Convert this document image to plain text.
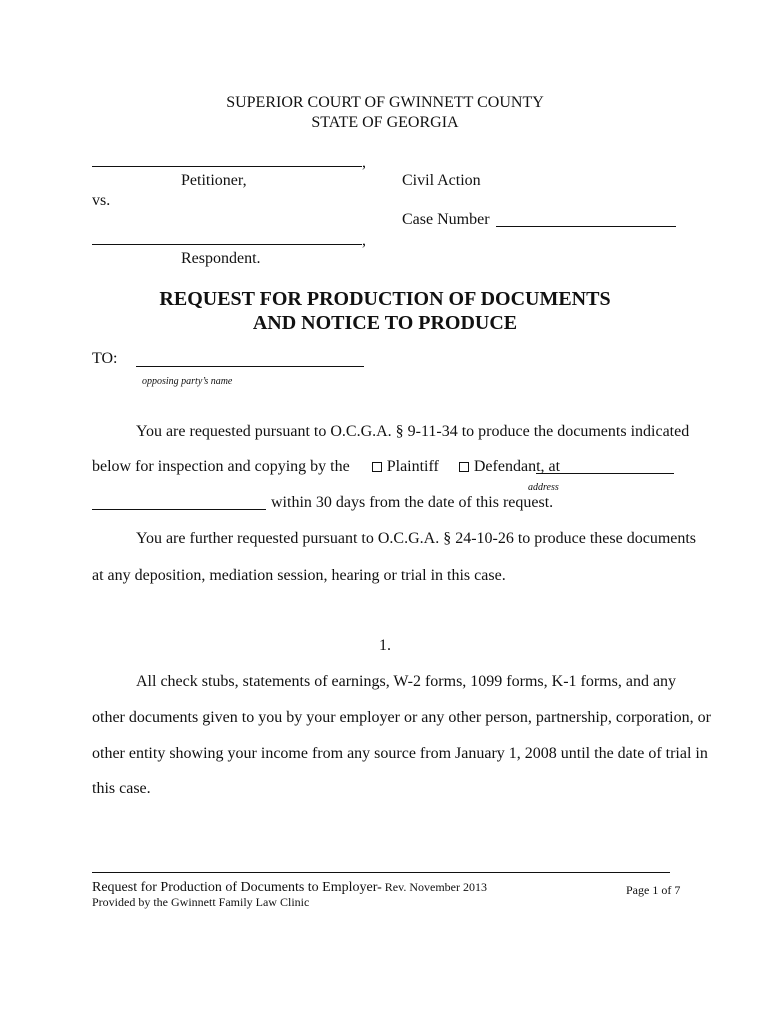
SUPERIOR COURT OF GWINNETT COUNTY
STATE OF GEORGIA
,
Petitioner,	Civil Action
vs.
Case Number
,
Respondent.
REQUEST FOR PRODUCTION OF DOCUMENTS
AND NOTICE TO PRODUCE
TO:
opposing party’s name
You are requested pursuant to O.C.G.A. § 9-11-34 to produce the documents indicated
below for inspection and copying by the Plaintiff Defendant, at
address
within 30 days from the date of this request.
You are further requested pursuant to O.C.G.A. § 24-10-26 to produce these documents
at any deposition, mediation session, hearing or trial in this case.
1.
All check stubs, statements of earnings, W-2 forms, 1099 forms, K-1 forms, and any
other documents given to you by your employer or any other person, partnership, corporation, or
other entity showing your income from any source from January 1, 2008 until the date of trial in
this case.
Request for Production of Documents to Employer- Rev. November 2013	Page 1 of 7
Provided by the Gwinnett Family Law Clinic
